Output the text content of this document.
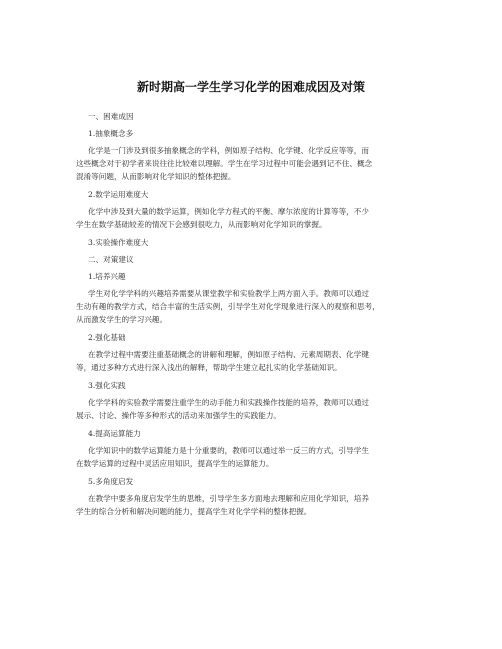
新时期高一学生学习化学的困难成因及对策
一、困难成因
1.抽象概念多
化学是一门涉及到很多抽象概念的学科，例如原子结构、化学键、化学反应等等，而
这些概念对于初学者来说往往比较难以理解。学生在学习过程中可能会遇到记不住、概念
混淆等问题，从而影响对化学知识的整体把握。
2.数学运用难度大
化学中涉及到大量的数学运算，例如化学方程式的平衡、摩尔浓度的计算等等，不少
学生在数学基础较差的情况下会感到很吃力，从而影响对化学知识的掌握。
3.实验操作难度大
二、对策建议
1.培养兴趣
学生对化学学科的兴趣培养需要从课堂教学和实验教学上两方面入手。教师可以通过
生动有趣的教学方式，结合丰富的生活实例，引导学生对化学现象进行深入的观察和思考，
从而激发学生的学习兴趣。
2.强化基础
在教学过程中需要注重基础概念的讲解和理解，例如原子结构、元素周期表、化学键
等，通过多种方式进行深入浅出的解释，帮助学生建立起扎实的化学基础知识。
3.强化实践
化学学科的实验教学需要注重学生的动手能力和实践操作技能的培养，教师可以通过
展示、讨论、操作等多种形式的活动来加强学生的实践能力。
4.提高运算能力
化学知识中的数学运算能力是十分重要的，教师可以通过举一反三的方式，引导学生
在数学运算的过程中灵活应用知识，提高学生的运算能力。
5.多角度启发
在教学中要多角度启发学生的思维，引导学生多方面地去理解和应用化学知识，培养
学生的综合分析和解决问题的能力，提高学生对化学学科的整体把握。
